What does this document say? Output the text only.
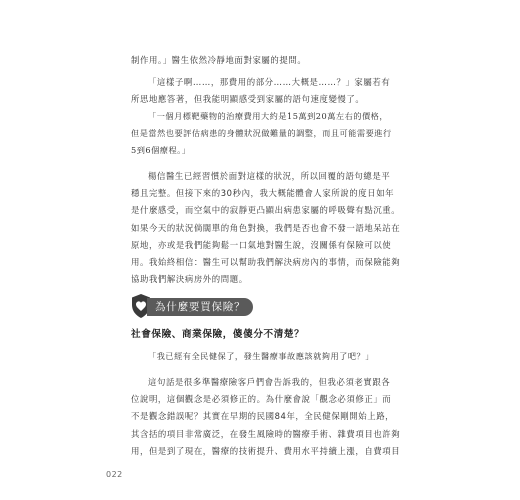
制作用。」醫生依然冷靜地面對家屬的提問。
「這樣子啊……，那費用的部分……大概是……？」家屬若有
所思地應答著，但我能明顯感受到家屬的語句速度變慢了。
「一個月標靶藥物的治療費用大約是15萬到20萬左右的價格，
但是當然也要評估病患的身體狀況做難量的調整，而且可能需要進行
5到6個療程。」
楊信醫生已經習慣於面對這樣的狀況，所以回覆的語句總是平
穩且完整。但接下來的30秒內，我大概能體會人家所說的度日如年
是什麼感受，而空氣中的寂靜更凸顯出病患家屬的呼吸聲有點沉重。
如果今天的狀況倘闊單的角色對換，我們是否也會不發一語地呆站在
原地，亦或是我們能夠鬆一口氣地對醫生說，沒關係有保險可以使
用。我始終相信：醫生可以幫助我們解決病房內的事情，而保險能夠
協助我們解決病房外的問題。
為什麼要買保險？
社會保險、商業保險，傻傻分不清楚？
「我已經有全民健保了，發生醫療事故應該就夠用了吧？」
這句話是很多準醫療險客戶們會告訴我的，但我必須老實跟各
位說明，這個觀念是必須修正的。為什麼會說「觀念必須修正」而
不是觀念錯誤呢？其實在早期的民國84年，全民健保剛開始上路，
其含括的項目非常廣泛，在發生風險時的醫療手術、雜費項目也許夠
用，但是到了現在，醫療的技術提升、費用水平持續上漲，自費項目
022
